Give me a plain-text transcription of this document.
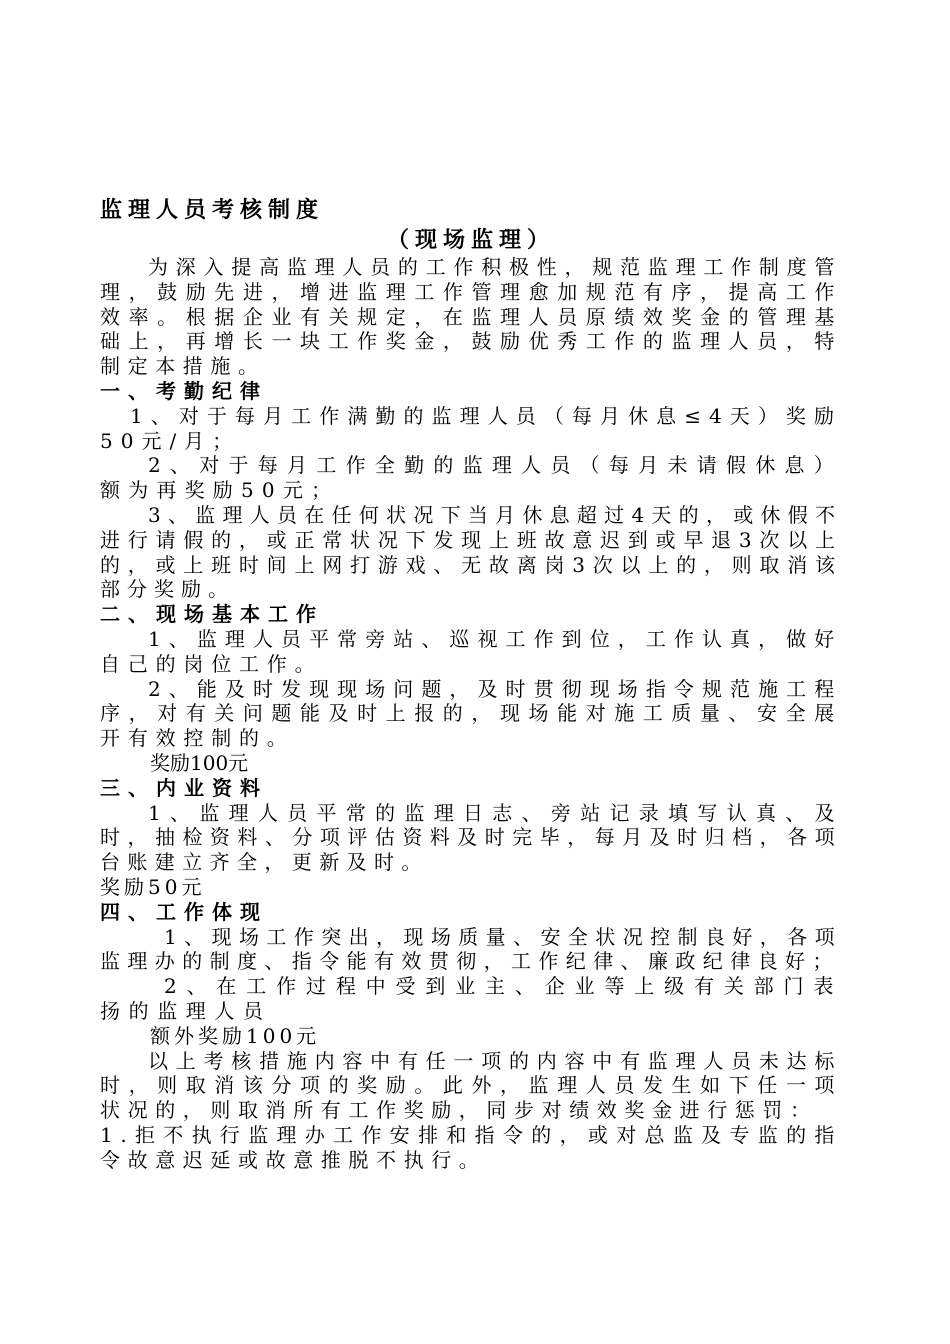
监理人员考核制度

（现场监理）

为深入提高监理人员的工作积极性，规范监理工作制度管理，鼓励先进，增进监理工作管理愈加规范有序，提高工作效率。根据企业有关规定，在监理人员原绩效奖金的管理基础上，再增长一块工作奖金，鼓励优秀工作的监理人员，特制定本措施。

一、考勤纪律

1、对于每月工作满勤的监理人员（每月休息≤4天）奖励50元/月；

2、对于每月工作全勤的监理人员（每月未请假休息）额为再奖励50元；

3、监理人员在任何状况下当月休息超过4天的，或休假不进行请假的，或正常状况下发现上班故意迟到或早退3次以上的，或上班时间上网打游戏、无故离岗3次以上的，则取消该部分奖励。

二、现场基本工作

1、监理人员平常旁站、巡视工作到位，工作认真，做好自己的岗位工作。

2、能及时发现现场问题，及时贯彻现场指令规范施工程序，对有关问题能及时上报的，现场能对施工质量、安全展开有效控制的。

奖励100元

三、内业资料

1、监理人员平常的监理日志、旁站记录填写认真、及时，抽检资料、分项评估资料及时完毕，每月及时归档，各项台账建立齐全，更新及时。

奖励50元

四、工作体现

1、现场工作突出，现场质量、安全状况控制良好，各项监理办的制度、指令能有效贯彻，工作纪律、廉政纪律良好；

2、在工作过程中受到业主、企业等上级有关部门表扬的监理人员

额外奖励100元

以上考核措施内容中有任一项的内容中有监理人员未达标时，则取消该分项的奖励。此外，监理人员发生如下任一项状况的，则取消所有工作奖励，同步对绩效奖金进行惩罚：

1.拒不执行监理办工作安排和指令的，或对总监及专监的指令故意迟延或故意推脱不执行。
